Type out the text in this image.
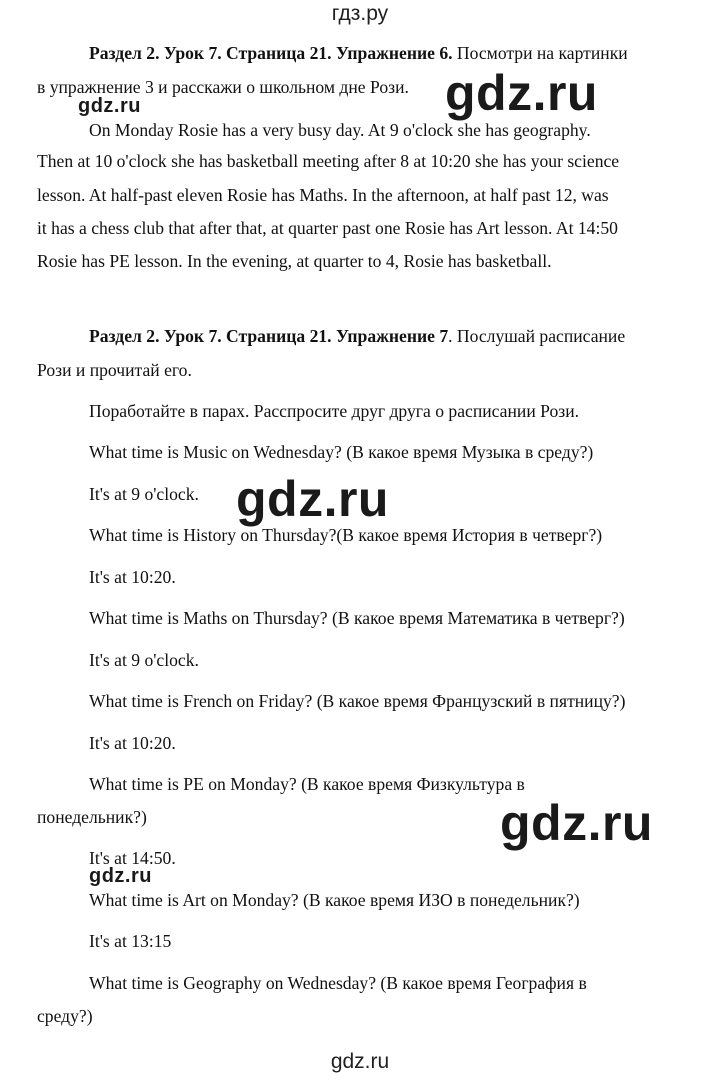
гдз.ру
Раздел 2. Урок 7. Страница 21. Упражнение 6. Посмотри на картинки
в упражнение 3 и расскажи о школьном дне Рози.
On Monday Rosie has a very busy day. At 9 o'clock she has geography.
Then at 10 o'clock she has basketball meeting after 8 at 10:20 she has your science
lesson. At half-past eleven Rosie has Maths. In the afternoon, at half past 12, was
it has a chess club that after that, at quarter past one Rosie has Art lesson. At 14:50
Rosie has PE lesson. In the evening, at quarter to 4, Rosie has basketball.
Раздел 2. Урок 7. Страница 21. Упражнение 7. Послушай расписание
Рози и прочитай его.
Поработайте в парах. Расспросите друг друга о расписании Рози.
What time is Music on Wednesday? (В какое время Музыка в среду?)
It's at 9 o'clock.
What time is History on Thursday?(В какое время История в четверг?)
It's at 10:20.
What time is Maths on Thursday? (В какое время Математика в четверг?)
It's at 9 o'clock.
What time is French on Friday? (В какое время Французский в пятницу?)
It's at 10:20.
What time is PE on Monday? (В какое время Физкультура в
понедельник?)
It's at 14:50.
What time is Art on Monday? (В какое время ИЗО в понедельник?)
It's at 13:15
What time is Geography on Wednesday? (В какое время География в
среду?)
gdz.ru
gdz.ru
gdz.ru
gdz.ru
gdz.ru
gdz.ru
